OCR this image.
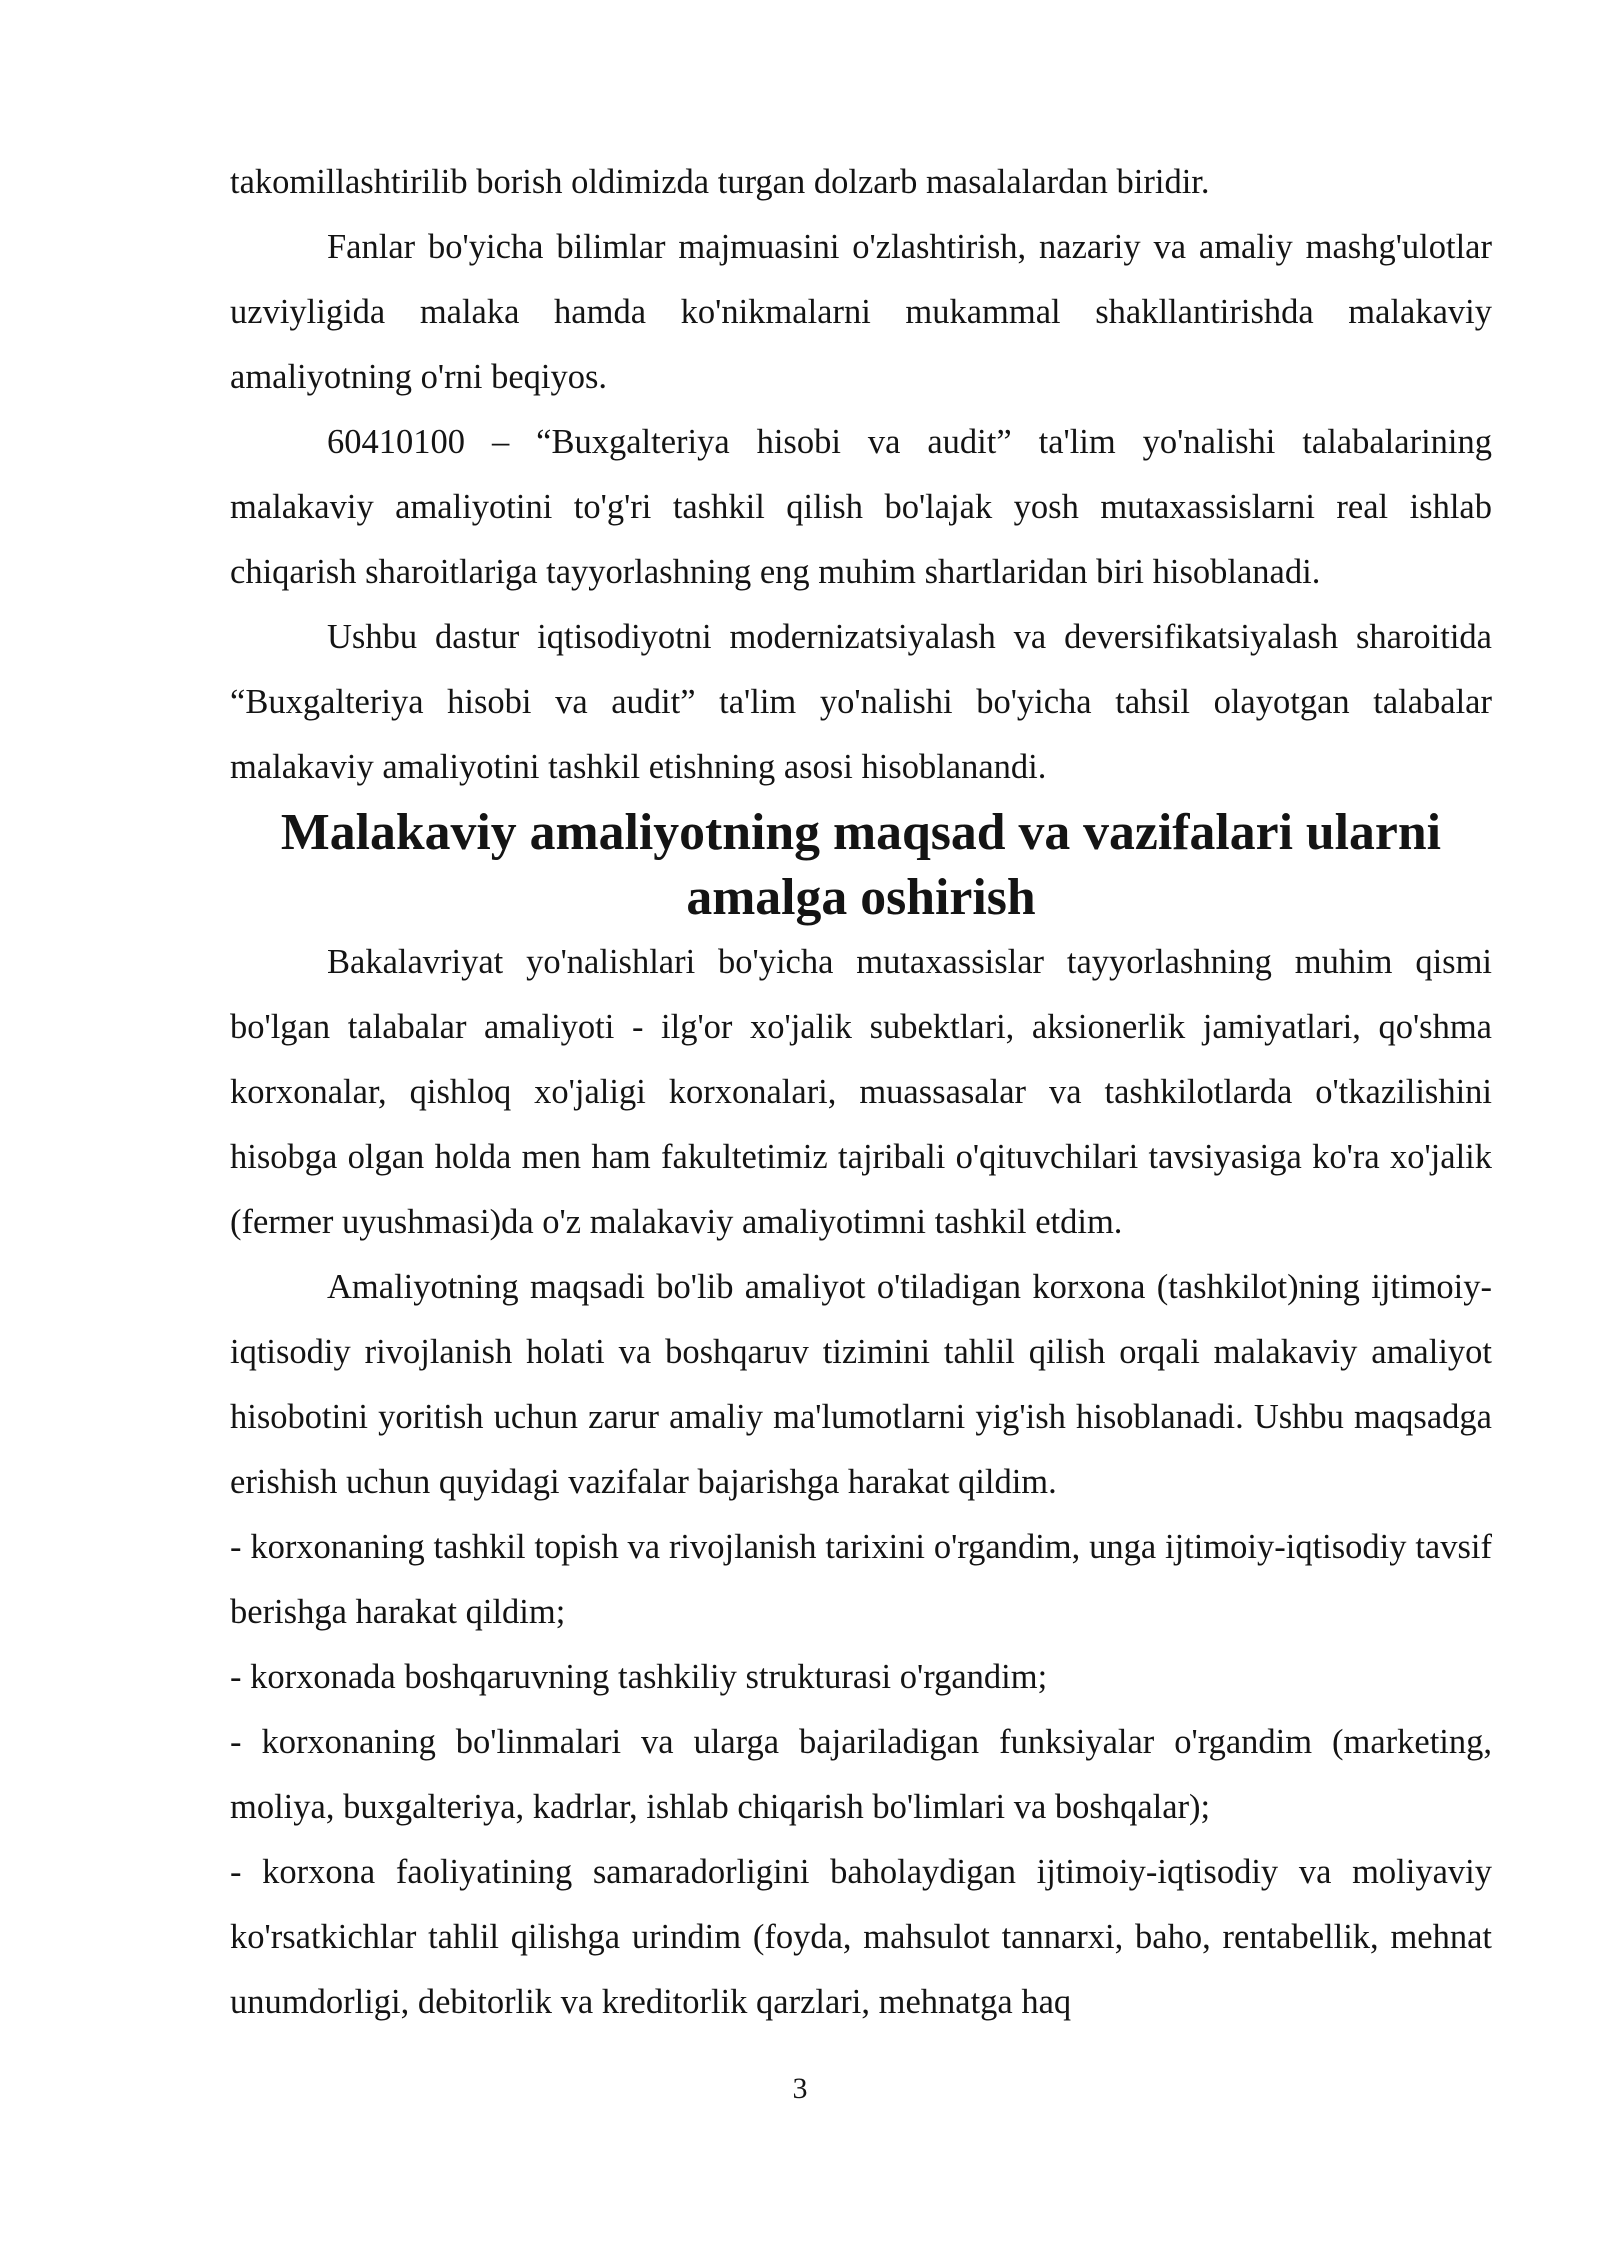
takomillashtirilib borish oldimizda turgan dolzarb masalalardan biridir.

Fanlar bo'yicha bilimlar majmuasini o'zlashtirish, nazariy va amaliy mashg'ulotlar uzviyligida malaka hamda ko'nikmalarni mukammal shakllantirishda malakaviy amaliyotning o'rni beqiyos.

60410100 – “Buxgalteriya hisobi va audit” ta'lim yo'nalishi talabalarining malakaviy amaliyotini to'g'ri tashkil qilish bo'lajak yosh mutaxassislarni real ishlab chiqarish sharoitlariga tayyorlashning eng muhim shartlaridan biri hisoblanadi.

Ushbu dastur iqtisodiyotni modernizatsiyalash va deversifikatsiyalash sharoitida “Buxgalteriya hisobi va audit” ta'lim yo'nalishi bo'yicha tahsil olayotgan talabalar malakaviy amaliyotini tashkil etishning asosi hisoblanandi.

Malakaviy amaliyotning maqsad va vazifalari ularni amalga oshirish

Bakalavriyat yo'nalishlari bo'yicha mutaxassislar tayyorlashning muhim qismi bo'lgan talabalar amaliyoti - ilg'or xo'jalik subektlari, aksionerlik jamiyatlari, qo'shma korxonalar, qishloq xo'jaligi korxonalari, muassasalar va tashkilotlarda o'tkazilishini hisobga olgan holda men ham fakultetimiz tajribali o'qituvchilari tavsiyasiga ko'ra xo'jalik (fermer uyushmasi)da o'z malakaviy amaliyotimni tashkil etdim.

Amaliyotning maqsadi bo'lib amaliyot o'tiladigan korxona (tashkilot)ning ijtimoiy-iqtisodiy rivojlanish holati va boshqaruv tizimini tahlil qilish orqali malakaviy amaliyot hisobotini yoritish uchun zarur amaliy ma'lumotlarni yig'ish hisoblanadi. Ushbu maqsadga erishish uchun quyidagi vazifalar bajarishga harakat qildim.

- korxonaning tashkil topish va rivojlanish tarixini o'rgandim, unga ijtimoiy-iqtisodiy tavsif berishga harakat qildim;

- korxonada boshqaruvning tashkiliy strukturasi o'rgandim;

- korxonaning bo'linmalari va ularga bajariladigan funksiyalar o'rgandim (marketing, moliya, buxgalteriya, kadrlar, ishlab chiqarish bo'limlari va boshqalar);

- korxona faoliyatining samaradorligini baholaydigan ijtimoiy-iqtisodiy va moliyaviy ko'rsatkichlar tahlil qilishga urindim (foyda, mahsulot tannarxi, baho, rentabellik, mehnat unumdorligi, debitorlik va kreditorlik qarzlari, mehnatga haq

3
